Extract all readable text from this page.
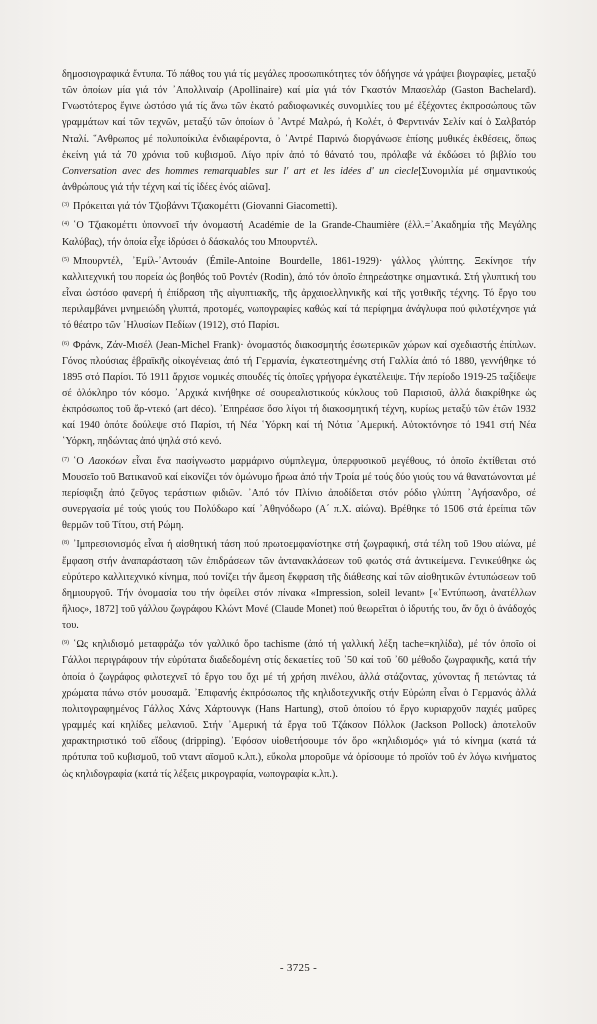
δημοσιογραφικά ἔντυπα. Τό πάθος του γιά τίς μεγάλες προσωπικότητες τόν ὁδήγησε νά γράψει βιογραφίες, μεταξύ τῶν ὁποίων μία γιά τόν ᾿Απολλιναίρ (Apollinaire) καί μία γιά τόν Γκαστόν Μπασελάρ (Gaston Bachelard). Γνωστότερος ἔγινε ὡστόσο γιά τίς ἄνω τῶν ἑκατό ραδιοφωνικές συνομιλίες του μέ ἐξέχοντες ἐκπροσώπους τῶν γραμμάτων καί τῶν τεχνῶν, μεταξύ τῶν ὁποίων ὁ ᾿Αντρέ Μαλρώ, ἡ Κολέτ, ὁ Φερντινάν Σελίν καί ὁ Σαλβατόρ Νταλί. ῞Ανθρωπος μέ πολυποίκιλα ἐνδιαφέροντα, ὁ ᾿Αντρέ Παρινώ διοργάνωσε ἐπίσης μυθικές ἐκθέσεις, ὅπως ἐκείνη γιά τά 70 χρόνια τοῦ κυβισμοῦ. Λίγο πρίν ἀπό τό θάνατό του, πρόλαβε νά ἐκδώσει τό βιβλίο του Conversation avec des hommes remarquables sur l' art et les idées d' un cìecle[Συνομιλία μέ σημαντικούς ἀνθρώπους γιά τήν τέχνη καί τίς ἰδέες ἑνός αἰῶνα].

$^{(3)}$ Πρόκειται γιά τόν Τζιοβάννι Τζιακομέττι (Giovanni Giacometti).

$^{(4)}$ ῾Ο Τζιακομέττι ὑποννοεῖ τήν ὀνομαστή Académie de la Grande-Chaumière (ἑλλ.=᾿Ακαδημία τῆς Μεγάλης Καλύβας), τήν ὁποία εἶχε ἱδρύσει ὁ δάσκαλός του Μπουρντέλ.

$^{(5)}$ Μπουρντέλ, ᾿Εμίλ-᾿Αντουάν (Émile-Antoine Bourdelle, 1861-1929)· γάλλος γλύπτης. Ξεκίνησε τήν καλλιτεχνική του πορεία ὡς βοηθός τοῦ Ροντέν (Rodin), ἀπό τόν ὁποῖο ἐπηρεάστηκε σημαντικά. Στή γλυπτική του εἶναι ὡστόσο φανερή ἡ ἐπίδραση τῆς αἰγυπτιακῆς, τῆς ἀρχαιοελληνικῆς καί τῆς γοτθικῆς τέχνης. Τό ἔργο του περιλαμβάνει μνημειώδη γλυπτά, προτομές, νωπογραφίες καθώς καί τά περίφημα ἀνάγλυφα πού φιλοτέχνησε γιά τό θέατρο τῶν ᾿Ηλυσίων Πεδίων (1912), στό Παρίσι.

$^{(6)}$ Φράνκ, Ζάν-Μισέλ (Jean-Michel Frank)· ὀνομαστός διακοσμητής ἐσωτερικῶν χώρων καί σχεδιαστής ἐπίπλων. Γόνος πλούσιας ἑβραϊκῆς οἰκογένειας ἀπό τή Γερμανία, ἐγκατεστημένης στή Γαλλία ἀπό τό 1880, γεννήθηκε τό 1895 στό Παρίσι. Τό 1911 ἄρχισε νομικές σπουδές τίς ὁποῖες γρήγορα ἐγκατέλειψε. Τήν περίοδο 1919-25 ταξίδεψε σέ ὁλόκληρο τόν κόσμο. ᾿Αρχικά κινήθηκε σέ σουρεαλιστικούς κύκλους τοῦ Παρισιοῦ, ἀλλά διακρίθηκε ὡς ἐκπρόσωπος τοῦ ἄρ-ντεκό (art déco). ᾿Επηρέασε ὅσο λίγοι τή διακοσμητική τέχνη, κυρίως μεταξύ τῶν ἐτῶν 1932 καί 1940 ὁπότε δούλεψε στό Παρίσι, τή Νέα ῾Υόρκη καί τή Νότια ᾿Αμερική. Αὐτοκτόνησε τό 1941 στή Νέα ῾Υόρκη, πηδώντας ἀπό ψηλά στό κενό.

$^{(7)}$ ῾Ο Λαοκόων εἶναι ἕνα πασίγνωστο μαρμάρινο σύμπλεγμα, ὑπερφυσικοῦ μεγέθους, τό ὁποῖο ἐκτίθεται στό Μουσεῖο τοῦ Βατικανοῦ καί εἰκονίζει τόν ὁμώνυμο ἥρωα ἀπό τήν Τροία μέ τούς δύο γιούς του νά θανατώνονται μέ περίσφιξη ἀπό ζεῦγος τεράστιων φιδιῶν. ᾿Από τόν Πλίνιο ἀποδίδεται στόν ρόδιο γλύπτη ᾿Αγήσανδρο, σέ συνεργασία μέ τούς γιούς του Πολύδωρο καί ᾿Αθηνόδωρο (Α΄ π.Χ. αἰώνα). Βρέθηκε τό 1506 στά ἐρείπια τῶν θερμῶν τοῦ Τίτου, στή Ρώμη.

$^{(8)}$ ᾿Ιμπρεσιονισμός εἶναι ἡ αἰσθητική τάση πού πρωτοεμφανίστηκε στή ζωγραφική, στά τέλη τοῦ 19ου αἰώνα, μέ ἔμφαση στήν ἀναπαράσταση τῶν ἐπιδράσεων τῶν ἀντανακλάσεων τοῦ φωτός στά ἀντικείμενα. Γενικεύθηκε ὡς εὐρύτερο καλλιτεχνικό κίνημα, πού τονίζει τήν ἄμεση ἔκφραση τῆς διάθεσης καί τῶν αἰσθητικῶν ἐντυπώσεων τοῦ δημιουργοῦ. Τήν ὀνομασία του τήν ὀφείλει στόν πίνακα «Impression, soleil levant» [«᾿Εντύπωση, ἀνατέλλων ἥλιος», 1872] τοῦ γάλλου ζωγράφου Κλώντ Μονέ (Claude Monet) πού θεωρεῖται ὁ ἱδρυτής του, ἄν ὄχι ὁ ἀνάδοχός του.

$^{(9)}$ ῾Ως κηλιδισμό μεταφράζω τόν γαλλικό ὅρο tachisme (ἀπό τή γαλλική λέξη tache=κηλίδα), μέ τόν ὁποῖο οἱ Γάλλοι περιγράφουν τήν εὐρύτατα διαδεδομένη στίς δεκαετίες τοῦ ᾿50 καί τοῦ ᾿60 μέθοδο ζωγραφικῆς, κατά τήν ὁποία ὁ ζωγράφος φιλοτεχνεῖ τό ἔργο του ὄχι μέ τή χρήση πινέλου, ἀλλά στάζοντας, χύνοντας ἤ πετώντας τά χρώματα πάνω στόν μουσαμᾶ. ᾿Επιφανής ἐκπρόσωπος τῆς κηλιδοτεχνικῆς στήν Εὐρώπη εἶναι ὁ Γερμανός ἀλλά πολιτογραφημένος Γάλλος Χάνς Χάρτουνγκ (Hans Hartung), στοῦ ὁποίου τό ἔργο κυριαρχοῦν παχιές μαῦρες γραμμές καί κηλίδες μελανιοῦ. Στήν ᾿Αμερική τά ἔργα τοῦ Τζάκσον Πόλλοκ (Jackson Pollock) ἀποτελοῦν χαρακτηριστικό τοῦ εἴδους (dripping). ᾿Εφόσον υἱοθετήσουμε τόν ὅρο «κηλιδισμός» γιά τό κίνημα (κατά τά πρότυπα τοῦ κυβισμοῦ, τοῦ νταντ αϊσμοῦ κ.λπ.), εὔκολα μποροῦμε νά ὁρίσουμε τό προϊόν τοῦ ἐν λόγω κινήματος ὡς κηλιδογραφία (κατά τίς λέξεις μικρογραφία, νωπογραφία κ.λπ.).

- 3725 -
